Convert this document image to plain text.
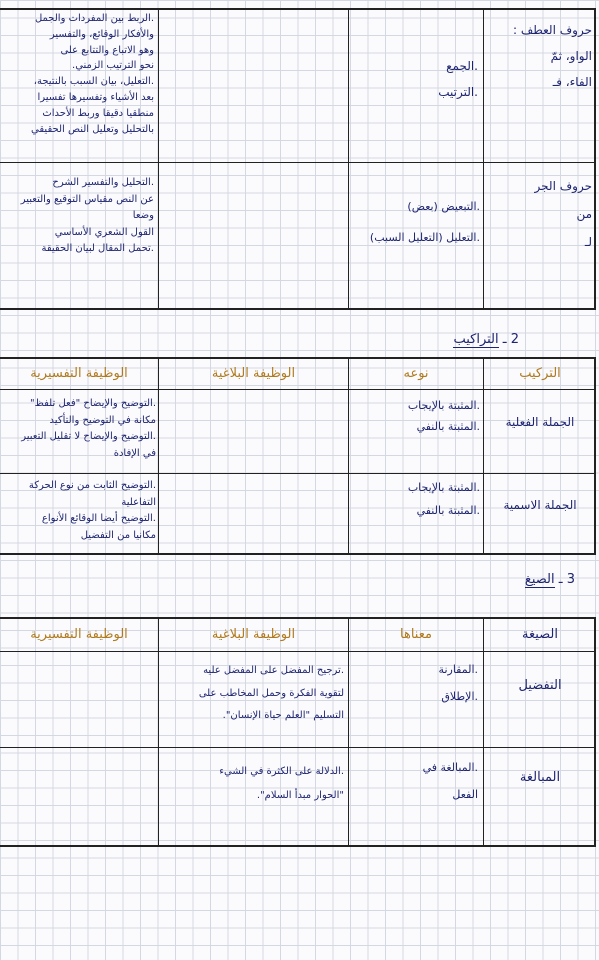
حروف العطف :

الواو، ثمّ

الفاء، فـ

.الجمع

.الترتيب

.الربط بين المفردات والجمل

والأفكار الوقائع، والتفسير

وهو الاتباع والتتابع على

نحو الترتيب الزمني.

.التعليل، بيان السبب بالنتيجة،

بعد الأشياء وتفسيرها تفسيرا

منطقيا دقيقا وربط الأحداث

بالتحليل وتعليل النص الحقيقي

حروف الجر

من

لـ

.التبعيض (بعض)

.التعليل (التعليل السبب)

.التحليل والتفسير الشرح

عن النص مقياس التوقيع والتعبير

وضعا

القول الشعري الأساسي

.تحمل المقال لبيان الحقيقة

2 ـ التراكيب
التركيب
نوعه
الوظيفة البلاغية
الوظيفة التفسيرية
الجملة الفعلية

.المثبتة بالإيجاب

.المثبتة بالنفي

.التوضيح والإيضاح "فعل تلفظ"

مكانة في التوضيح والتأكيد

.التوضيح والإيضاح لا تقليل التعبير

في الإفادة

الجملة الاسمية

.المثبتة بالإيجاب

.المثبتة بالنفي

.التوضيح الثابت من نوع الحركة

التفاعلية

.التوضيح أيضا الوقائع الأنواع

مكانيا من التفضيل

3 ـ الصيغ
الصيغة
معناها
الوظيفة البلاغية
الوظيفة التفسيرية
التفضيل

.المقارنة

.الإطلاق

.ترجيح المفضل على المفضل عليه

لتقوية الفكرة وحمل المخاطب على

التسليم "العلم حياة الإنسان".

المبالغة

.المبالغة في

الفعل

.الدلالة على الكثرة في الشيء

"الحوار مبدأ السلام".
